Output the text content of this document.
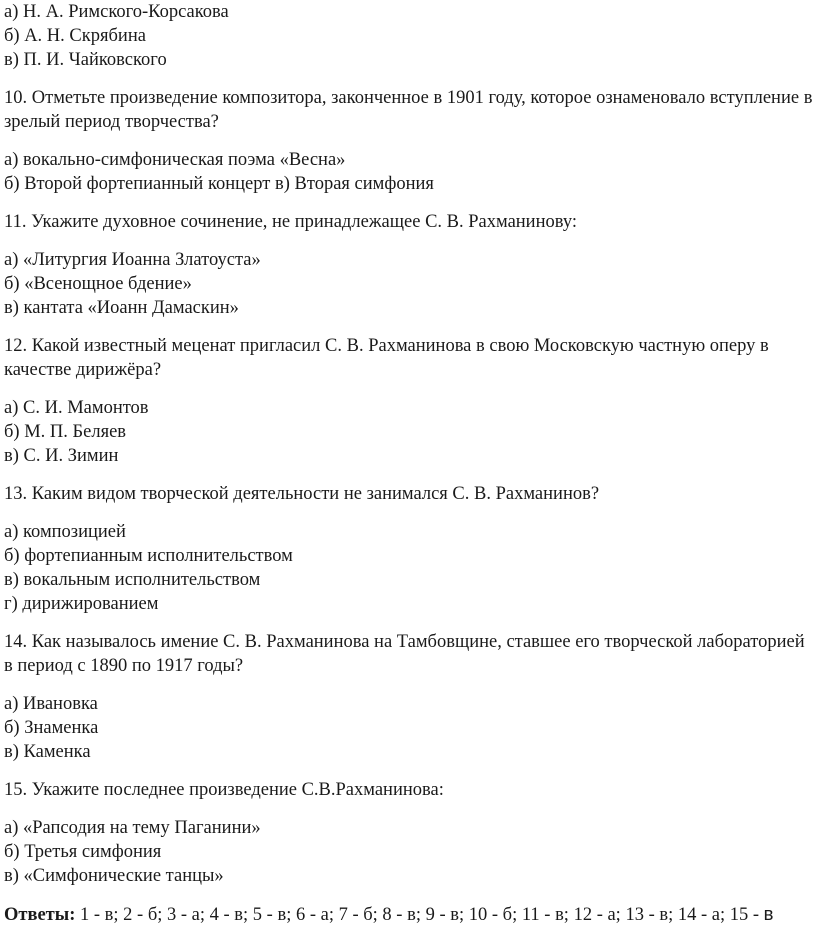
а) Н. А. Римского-Корсакова
б) А. Н. Скрябина
в) П. И. Чайковского
10. Отметьте произведение композитора, законченное в 1901 году, которое ознаменовало вступление в зрелый период творчества?
а) вокально-симфоническая поэма «Весна»
б) Второй фортепианный концерт в) Вторая симфония
11. Укажите духовное сочинение, не принадлежащее С. В. Рахманинову:
а) «Литургия Иоанна Златоуста»
б) «Всенощное бдение»
в) кантата «Иоанн Дамаскин»
12. Какой известный меценат пригласил С. В. Рахманинова в свою Московскую частную оперу в качестве дирижёра?
а) С. И. Мамонтов
б) М. П. Беляев
в) С. И. Зимин
13. Каким видом творческой деятельности не занимался С. В. Рахманинов?
а) композицией
б) фортепианным исполнительством
в) вокальным исполнительством
г) дирижированием
14. Как называлось имение С. В. Рахманинова на Тамбовщине, ставшее его творческой лабораторией в период с 1890 по 1917 годы?
а) Ивановка
б) Знаменка
в) Каменка
15. Укажите последнее произведение С.В.Рахманинова:
а) «Рапсодия на тему Паганини»
б) Третья симфония
в) «Симфонические танцы»
Ответы: 1 - в; 2 - б; 3 - а; 4 - в; 5 - в; 6 - а; 7 - б; 8 - в; 9 - в; 10 - б; 11 - в; 12 - а; 13 - в; 14 - а; 15 - в
